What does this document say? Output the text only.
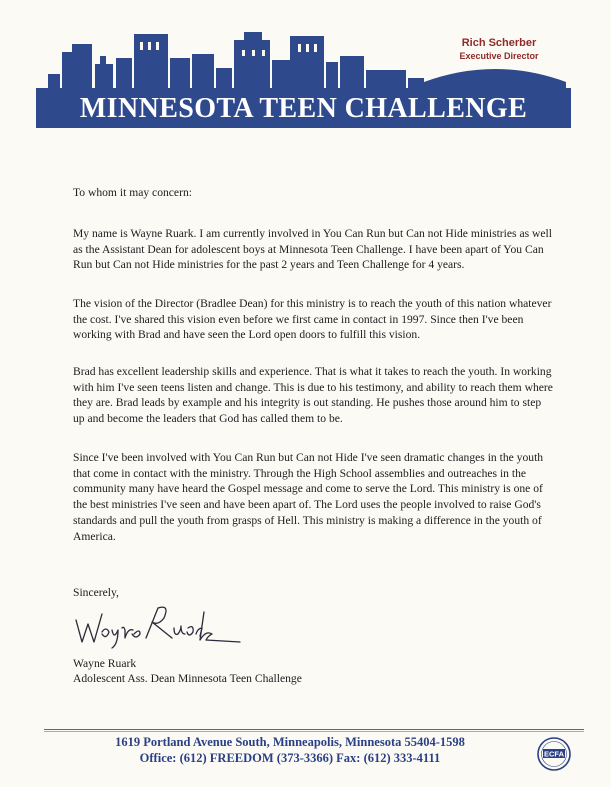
MINNESOTA TEEN CHALLENGE
Rich Scherber
Executive Director
To whom it may concern:
My name is Wayne Ruark. I am currently involved in You Can Run but Can not Hide ministries as well as the Assistant Dean for adolescent boys at Minnesota Teen Challenge. I have been apart of You Can Run but Can not Hide ministries for the past 2 years and Teen Challenge for 4 years.
The vision of the Director (Bradlee Dean) for this ministry is to reach the youth of this nation whatever the cost. I've shared this vision even before we first came in contact in 1997. Since then I've been working with Brad and have seen the Lord open doors to fulfill this vision.
Brad has excellent leadership skills and experience. That is what it takes to reach the youth. In working with him I've seen teens listen and change. This is due to his testimony, and ability to reach them where they are. Brad leads by example and his integrity is out standing. He pushes those around him to step up and become the leaders that God has called them to be.
Since I've been involved with You Can Run but Can not Hide I've seen dramatic changes in the youth that come in contact with the ministry. Through the High School assemblies and outreaches in the community many have heard the Gospel message and come to serve the Lord. This ministry is one of the best ministries I've seen and have been apart of. The Lord uses the people involved to raise God's standards and pull the youth from grasps of Hell. This ministry is making a difference in the youth of America.
Sincerely,
Wayne Ruark
Adolescent Ass. Dean Minnesota Teen Challenge
1619 Portland Avenue South, Minneapolis, Minnesota 55404-1598
Office: (612) FREEDOM (373-3366) Fax: (612) 333-4111	ECFA
